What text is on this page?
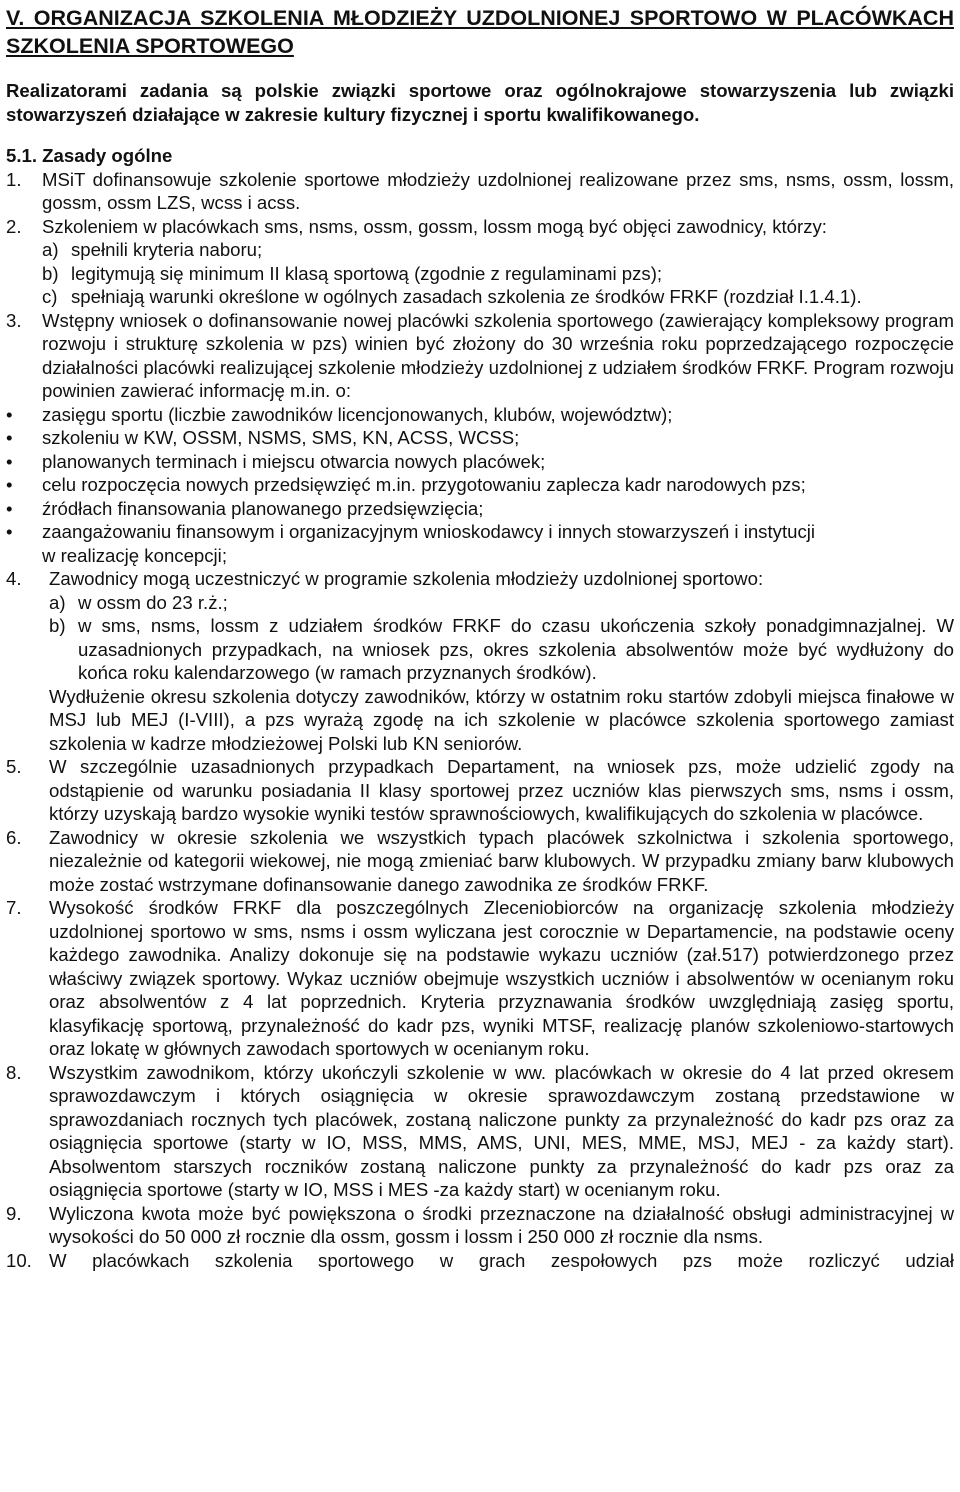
V. ORGANIZACJA SZKOLENIA MŁODZIEŻY UZDOLNIONEJ SPORTOWO W PLACÓWKACH SZKOLENIA SPORTOWEGO

Realizatorami zadania są polskie związki sportowe oraz ogólnokrajowe stowarzyszenia lub związki stowarzyszeń działające w zakresie kultury fizycznej i sportu kwalifikowanego.

5.1. Zasady ogólne
1.	MSiT dofinansowuje szkolenie sportowe młodzieży uzdolnionej realizowane przez sms, nsms, ossm, lossm, gossm, ossm LZS, wcss i acss.

2.	Szkoleniem w placówkach sms, nsms, ossm, gossm, lossm mogą być objęci zawodnicy, którzy:

a) spełnili kryteria naboru;
b) legitymują się minimum II klasą sportową (zgodnie z regulaminami pzs);
c) spełniają warunki określone w ogólnych zasadach szkolenia ze środków FRKF (rozdział I.1.4.1).
3.	Wstępny wniosek o dofinansowanie nowej placówki szkolenia sportowego (zawierający kompleksowy program rozwoju i strukturę szkolenia w pzs) winien być złożony do 30 września roku poprzedzającego rozpoczęcie działalności placówki realizującej szkolenie młodzieży uzdolnionej z udziałem środków FRKF. Program rozwoju powinien zawierać informację m.in. o:

•	zasięgu sportu (liczbie zawodników licencjonowanych, klubów, województw);
•	szkoleniu w KW, OSSM, NSMS, SMS, KN, ACSS, WCSS;
•	planowanych terminach i miejscu otwarcia nowych placówek;
•	celu rozpoczęcia nowych przedsięwzięć m.in. przygotowaniu zaplecza kadr narodowych pzs;
•	źródłach finansowania planowanego przedsięwzięcia;
•	zaangażowaniu finansowym i organizacyjnym wnioskodawcy i innych stowarzyszeń i instytucji

w realizację koncepcji;

4.	Zawodnicy mogą uczestniczyć w programie szkolenia młodzieży uzdolnionej sportowo:

a) w ossm do 23 r.ż.;
b) w sms, nsms, lossm z udziałem środków FRKF do czasu ukończenia szkoły ponadgimnazjalnej. W uzasadnionych przypadkach, na wniosek pzs, okres szkolenia absolwentów może być wydłużony do końca roku kalendarzowego (w ramach przyznanych środków).

Wydłużenie okresu szkolenia dotyczy zawodników, którzy w ostatnim roku startów zdobyli miejsca finałowe w MSJ lub MEJ (I-VIII), a pzs wyrażą zgodę na ich szkolenie w placówce szkolenia sportowego zamiast szkolenia w kadrze młodzieżowej Polski lub KN seniorów.

5.	W szczególnie uzasadnionych przypadkach Departament, na wniosek pzs, może udzielić zgody na odstąpienie od warunku posiadania II klasy sportowej przez uczniów klas pierwszych sms, nsms i ossm, którzy uzyskają bardzo wysokie wyniki testów sprawnościowych, kwalifikujących do szkolenia w placówce.

6.	Zawodnicy w okresie szkolenia we wszystkich typach placówek szkolnictwa i szkolenia sportowego, niezależnie od kategorii wiekowej, nie mogą zmieniać barw klubowych. W przypadku zmiany barw klubowych może zostać wstrzymane dofinansowanie danego zawodnika ze środków FRKF.

7.	Wysokość środków FRKF dla poszczególnych Zleceniobiorców na organizację szkolenia młodzieży uzdolnionej sportowo w sms, nsms i ossm wyliczana jest corocznie w Departamencie, na podstawie oceny każdego zawodnika. Analizy dokonuje się na podstawie wykazu uczniów (zał.517) potwierdzonego przez właściwy związek sportowy. Wykaz uczniów obejmuje wszystkich uczniów i absolwentów w ocenianym roku oraz absolwentów z 4 lat poprzednich. Kryteria przyznawania środków uwzględniają zasięg sportu, klasyfikację sportową, przynależność do kadr pzs, wyniki MTSF, realizację planów szkoleniowo-startowych oraz lokatę w głównych zawodach sportowych w ocenianym roku.

8.	Wszystkim zawodnikom, którzy ukończyli szkolenie w ww. placówkach w okresie do 4 lat przed okresem sprawozdawczym i których osiągnięcia w okresie sprawozdawczym zostaną przedstawione w sprawozdaniach rocznych tych placówek, zostaną naliczone punkty za przynależność do kadr pzs oraz za osiągnięcia sportowe (starty w IO, MSS, MMS, AMS, UNI, MES, MME, MSJ, MEJ - za każdy start). Absolwentom starszych roczników zostaną naliczone punkty za przynależność do kadr pzs oraz za osiągnięcia sportowe (starty w IO, MSS i MES -za każdy start) w ocenianym roku.

9.	Wyliczona kwota może być powiększona o środki przeznaczone na działalność obsługi administracyjnej w wysokości do 50 000 zł rocznie dla ossm, gossm i lossm i 250 000 zł rocznie dla nsms.

10. W placówkach szkolenia sportowego w grach zespołowych pzs może rozliczyć udział
